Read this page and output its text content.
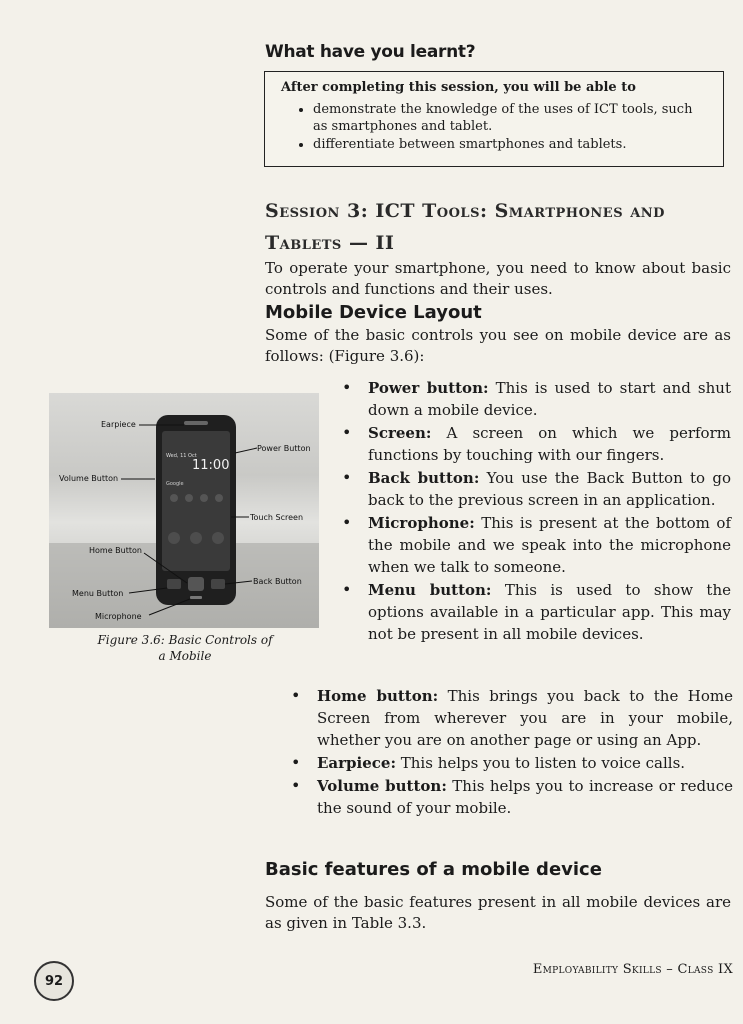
What have you learnt?

After completing this session, you will be able to

• demonstrate the knowledge of the uses of ICT tools, such as smartphones and tablet.
• differentiate between smartphones and tablets.
Session 3: ICT Tools: Smartphones and
Tablets — II
To operate your smartphone, you need to know about basic controls and functions and their uses.
Mobile Device Layout
Some of the basic controls you see on mobile device are as follows: (Figure 3.6):
Wed, 11 Oct
11:00
Google
Earpiece
Power Button
Volume Button
Touch Screen
Home Button
Back Button
Menu Button
Microphone
Figure 3.6: Basic Controls of
a Mobile
• Power button: This is used to start and shut down a mobile device.
• Screen: A screen on which we perform functions by touching with our fingers.
• Back button: You use the Back Button to go back to the previous screen in an application.
• Microphone: This is present at the bottom of the mobile and we speak into the microphone when we talk to someone.
• Menu button: This is used to show the options available in a particular app. This may not be present in all mobile devices.
• Home button: This brings you back to the Home Screen from wherever you are in your mobile, whether you are on another page or using an App.
• Earpiece: This helps you to listen to voice calls.
• Volume button: This helps you to increase or reduce the sound of your mobile.
Basic features of a mobile device
Some of the basic features present in all mobile devices are as given in Table 3.3.
92
Employability Skills – Class IX
